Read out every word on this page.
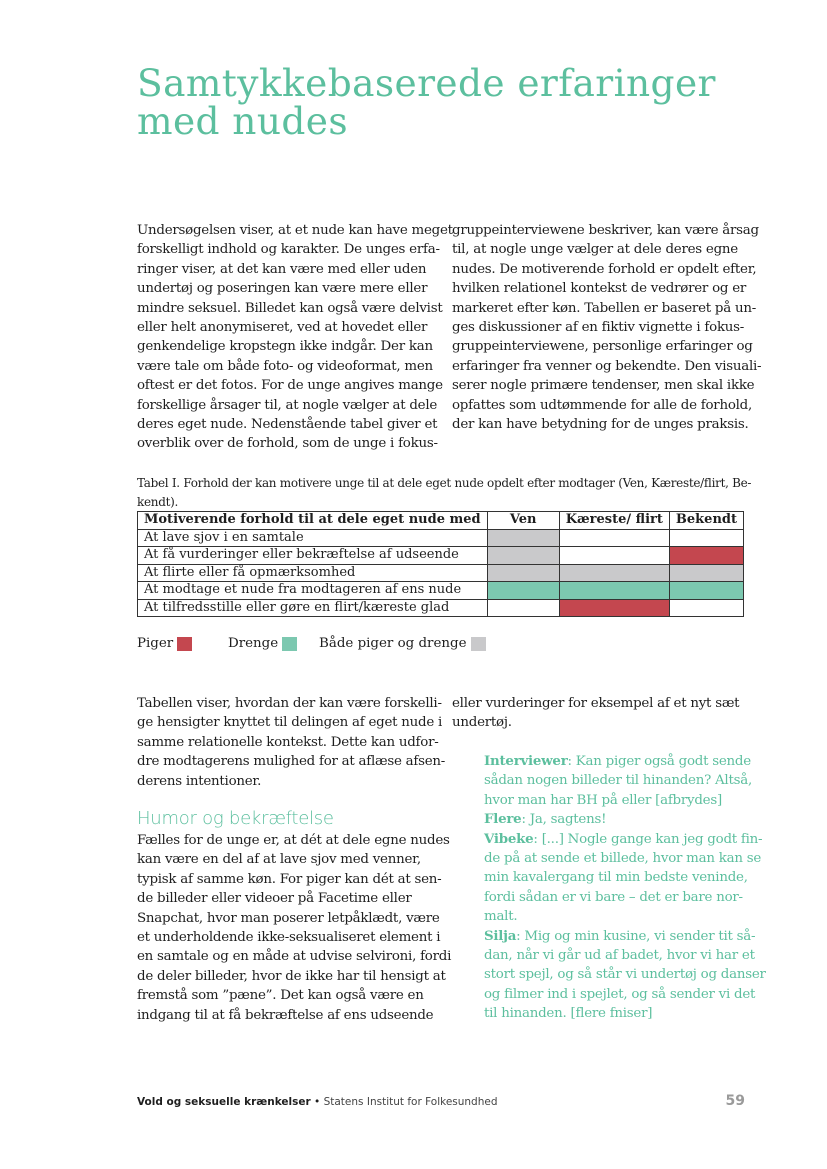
Samtykkebaserede erfaringer
med nudes
Undersøgelsen viser, at et nude kan have meget
forskelligt indhold og karakter. De unges erfa-
ringer viser, at det kan være med eller uden
undertøj og poseringen kan være mere eller
mindre seksuel. Billedet kan også være delvist
eller helt anonymiseret, ved at hovedet eller
genkendelige kropstegn ikke indgår. Der kan
være tale om både foto- og videoformat, men
oftest er det fotos. For de unge angives mange
forskellige årsager til, at nogle vælger at dele
deres eget nude. Nedenstående tabel giver et
overblik over de forhold, som de unge i fokus-
gruppeinterviewene beskriver, kan være årsag
til, at nogle unge vælger at dele deres egne
nudes. De motiverende forhold er opdelt efter,
hvilken relationel kontekst de vedrører og er
markeret efter køn. Tabellen er baseret på un-
ges diskussioner af en fiktiv vignette i fokus-
gruppeinterviewene, personlige erfaringer og
erfaringer fra venner og bekendte. Den visuali-
serer nogle primære tendenser, men skal ikke
opfattes som udtømmende for alle de forhold,
der kan have betydning for de unges praksis.
Tabel I. Forhold der kan motivere unge til at dele eget nude opdelt efter modtager (Ven, Kæreste/flirt, Be-
kendt).
Motiverende forhold til at dele eget nude med	Ven	Kæreste/ flirt	Bekendt
At lave sjov i en samtale			
At få vurderinger eller bekræftelse af udseende			
At flirte eller få opmærksomhed			
At modtage et nude fra modtageren af ens nude			
At tilfredsstille eller gøre en flirt/kæreste glad			
Piger	Drenge	Både piger og drenge
Tabellen viser, hvordan der kan være forskelli-
ge hensigter knyttet til delingen af eget nude i
samme relationelle kontekst. Dette kan udfor-
dre modtagerens mulighed for at aflæse afsen-
derens intentioner.
Humor og bekræftelse
Fælles for de unge er, at dét at dele egne nudes
kan være en del af at lave sjov med venner,
typisk af samme køn. For piger kan dét at sen-
de billeder eller videoer på Facetime eller
Snapchat, hvor man poserer letpåklædt, være
et underholdende ikke-seksualiseret element i
en samtale og en måde at udvise selvironi, fordi
de deler billeder, hvor de ikke har til hensigt at
fremstå som ”pæne”. Det kan også være en
indgang til at få bekræftelse af ens udseende
eller vurderinger for eksempel af et nyt sæt
undertøj.
Interviewer: Kan piger også godt sende
sådan nogen billeder til hinanden? Altså,
hvor man har BH på eller [afbrydes]
Flere: Ja, sagtens!
Vibeke: [...] Nogle gange kan jeg godt fin-
de på at sende et billede, hvor man kan se
min kavalergang til min bedste veninde,
fordi sådan er vi bare – det er bare nor-
malt.
Silja: Mig og min kusine, vi sender tit så-
dan, når vi går ud af badet, hvor vi har et
stort spejl, og så står vi undertøj og danser
og filmer ind i spejlet, og så sender vi det
til hinanden. [flere fniser]
Vold og seksuelle krænkelser • Statens Institut for Folkesundhed	59
